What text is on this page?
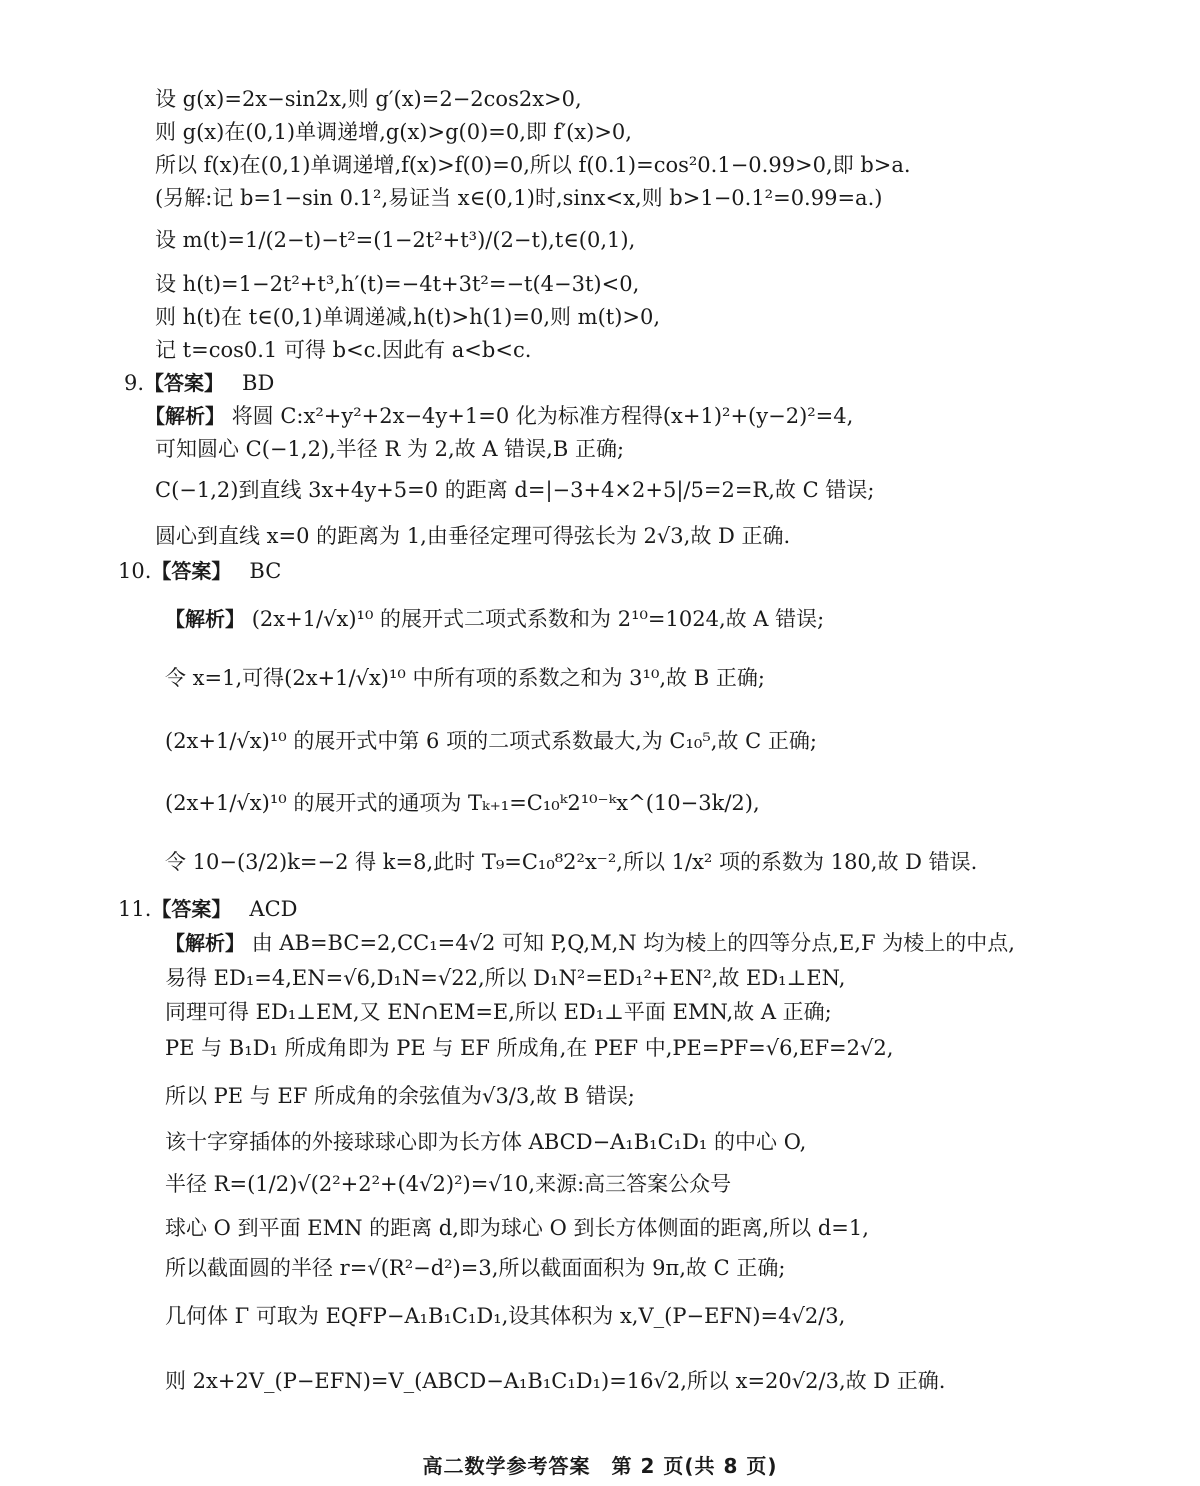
设 g(x)=2x−sin2x,则 g′(x)=2−2cos2x>0,
则 g(x)在(0,1)单调递增,g(x)>g(0)=0,即 f′(x)>0,
所以 f(x)在(0,1)单调递增,f(x)>f(0)=0,所以 f(0.1)=cos²0.1−0.99>0,即 b>a.
(另解:记 b=1−sin 0.1²,易证当 x∈(0,1)时,sinx<x,则 b>1−0.1²=0.99=a.)
设 m(t)=1/(2−t)−t²=(1−2t²+t³)/(2−t),t∈(0,1),
设 h(t)=1−2t²+t³,h′(t)=−4t+3t²=−t(4−3t)<0,
则 h(t)在 t∈(0,1)单调递减,h(t)>h(1)=0,则 m(t)>0,
记 t=cos0.1 可得 b<c.因此有 a<b<c.
9.【答案】 BD
【解析】 将圆 C:x²+y²+2x−4y+1=0 化为标准方程得(x+1)²+(y−2)²=4,
可知圆心 C(−1,2),半径 R 为 2,故 A 错误,B 正确;
C(−1,2)到直线 3x+4y+5=0 的距离 d=|−3+4×2+5|/5=2=R,故 C 错误;
圆心到直线 x=0 的距离为 1,由垂径定理可得弦长为 2√3,故 D 正确.
10.【答案】 BC
【解析】 (2x+1/√x)¹⁰ 的展开式二项式系数和为 2¹⁰=1024,故 A 错误;
令 x=1,可得(2x+1/√x)¹⁰ 中所有项的系数之和为 3¹⁰,故 B 正确;
(2x+1/√x)¹⁰ 的展开式中第 6 项的二项式系数最大,为 C₁₀⁵,故 C 正确;
(2x+1/√x)¹⁰ 的展开式的通项为 Tₖ₊₁=C₁₀ᵏ2¹⁰⁻ᵏx^(10−3k/2),
令 10−(3/2)k=−2 得 k=8,此时 T₉=C₁₀⁸2²x⁻²,所以 1/x² 项的系数为 180,故 D 错误.
11.【答案】 ACD
【解析】 由 AB=BC=2,CC₁=4√2 可知 P,Q,M,N 均为棱上的四等分点,E,F 为棱上的中点,
易得 ED₁=4,EN=√6,D₁N=√22,所以 D₁N²=ED₁²+EN²,故 ED₁⊥EN,
同理可得 ED₁⊥EM,又 EN∩EM=E,所以 ED₁⊥平面 EMN,故 A 正确;
PE 与 B₁D₁ 所成角即为 PE 与 EF 所成角,在 PEF 中,PE=PF=√6,EF=2√2,
所以 PE 与 EF 所成角的余弦值为√3/3,故 B 错误;
该十字穿插体的外接球球心即为长方体 ABCD−A₁B₁C₁D₁ 的中心 O,
半径 R=(1/2)√(2²+2²+(4√2)²)=√10,来源:高三答案公众号
球心 O 到平面 EMN 的距离 d,即为球心 O 到长方体侧面的距离,所以 d=1,
所以截面圆的半径 r=√(R²−d²)=3,所以截面面积为 9π,故 C 正确;
几何体 Γ 可取为 EQFP−A₁B₁C₁D₁,设其体积为 x,V_(P−EFN)=4√2/3,
则 2x+2V_(P−EFN)=V_(ABCD−A₁B₁C₁D₁)=16√2,所以 x=20√2/3,故 D 正确.
高二数学参考答案　第 2 页(共 8 页)
